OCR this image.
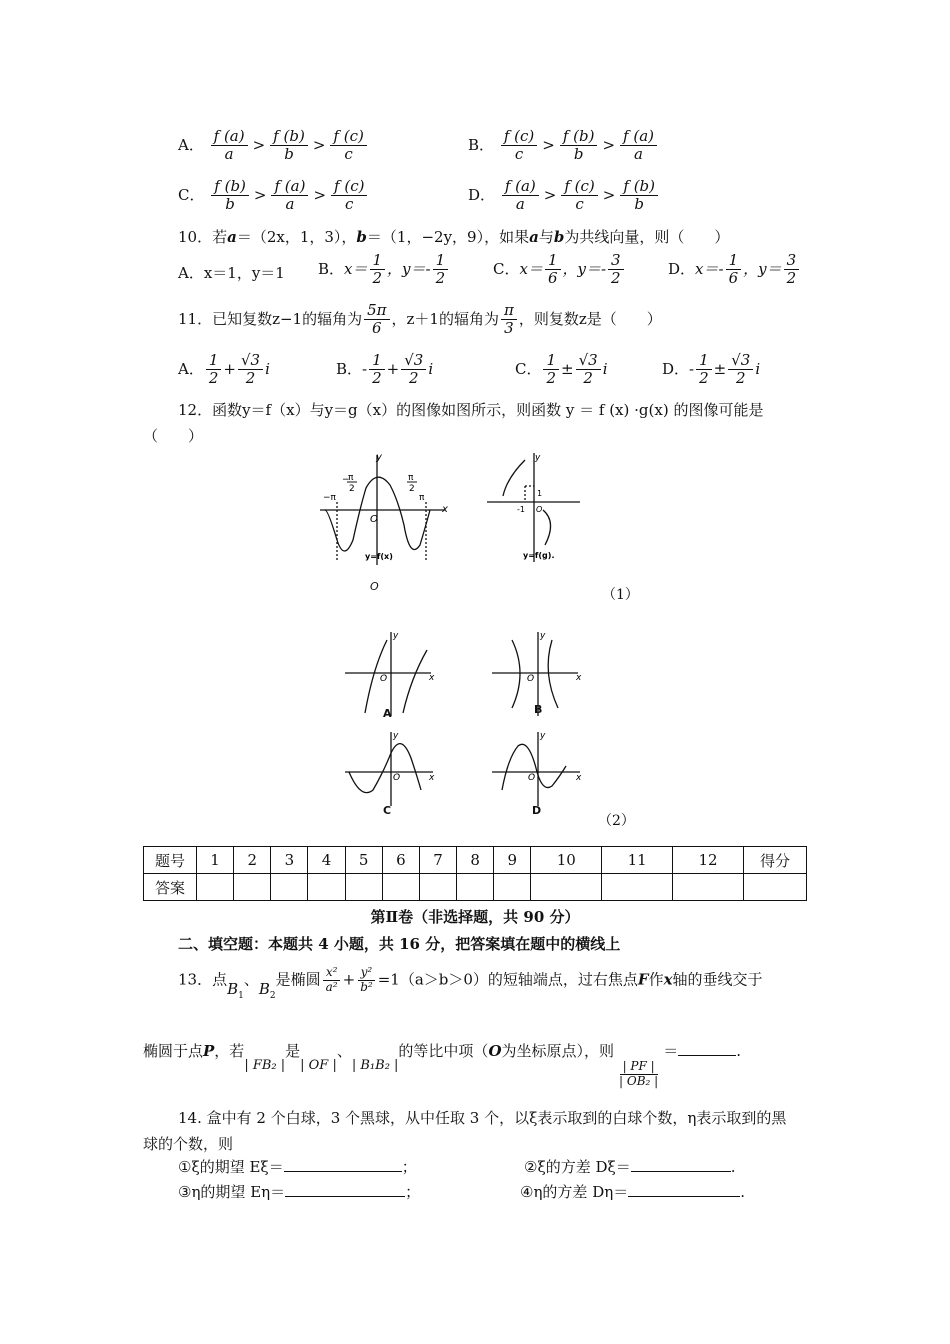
A． $\frac{f (a)}{a} > \frac{f (b)}{b} > \frac{f (c)}{c}$	B． $\frac{f (c)}{c} > \frac{f (b)}{b} > \frac{f (a)}{a}$
C． $\frac{f (b)}{b} > \frac{f (a)}{a} > \frac{f (c)}{c}$	D． $\frac{f (a)}{a} > \frac{f (c)}{c} > \frac{f (b)}{b}$
10．若a＝（2x，1，3），b＝（1，−2y，9），如果a与b为共线向量，则（　　）
A．x＝1，y＝1 B．$x= \frac{1}{2}$ ，$y=- \frac{1}{2}$	C．$x= \frac{1}{6}$ ，$y=- \frac{3}{2}$	D．$x=- \frac{1}{6}$ ，$y= \frac{3}{2}$
11．已知复数z−1的辐角为 $\frac{5\pi}{6}$ ，z＋1的辐角为 $\frac{\pi}{3}$ ，则复数z是（　　）
A． $\frac{1}{2} + \frac{√3}{2}$ i	B．- $\frac{1}{2} + \frac{√3}{2}$ i	C． $\frac{1}{2} \pm \frac{√3}{2}$ i	D．- $\frac{1}{2} \pm \frac{√3}{2}$ i
12．函数y＝f（x）与y＝g（x）的图像如图所示，则函数 y ＝ f (x) ·g(x) 的图像可能是
（　　）
y
x
O
−π	π
−
π
2
π
2
y=f(x)
y
1
-1 O
y=f(g).
O
（1）
y
x
O
A
y
x
O
B
y
x
O
C
y
x
O
D
（2）
题号	1	2	3	4	5	6	7	8	9	10	11	12	得分
答案													
第Ⅱ卷（非选择题，共 90 分）
二、填空题：本题共 4 小题，共 16 分，把答案填在题中的横线上
13．点$B_1$、$B_2$是椭圆 $\frac{\text{x²}}{\text{a²}} + \frac{\text{y²}}{\text{b²}} =1(a>b>0)$的短轴端点，过右焦点F作x轴的垂线交于
椭圆于点P，若| FB₂ |是| OF |、| B₁B₂ |的等比中项（O为坐标原点），则
$\frac{| PF |}{\text{| OB₂ |}}$
＝	.
14. 盒中有 2 个白球，3 个黑球，从中任取 3 个，以ξ表示取到的白球个数，η表示取到的黑
球的个数，则
①ξ的期望 Eξ＝	；	②ξ的方差 Dξ＝	.
③η的期望 Eη＝	；	④η的方差 Dη＝	.
